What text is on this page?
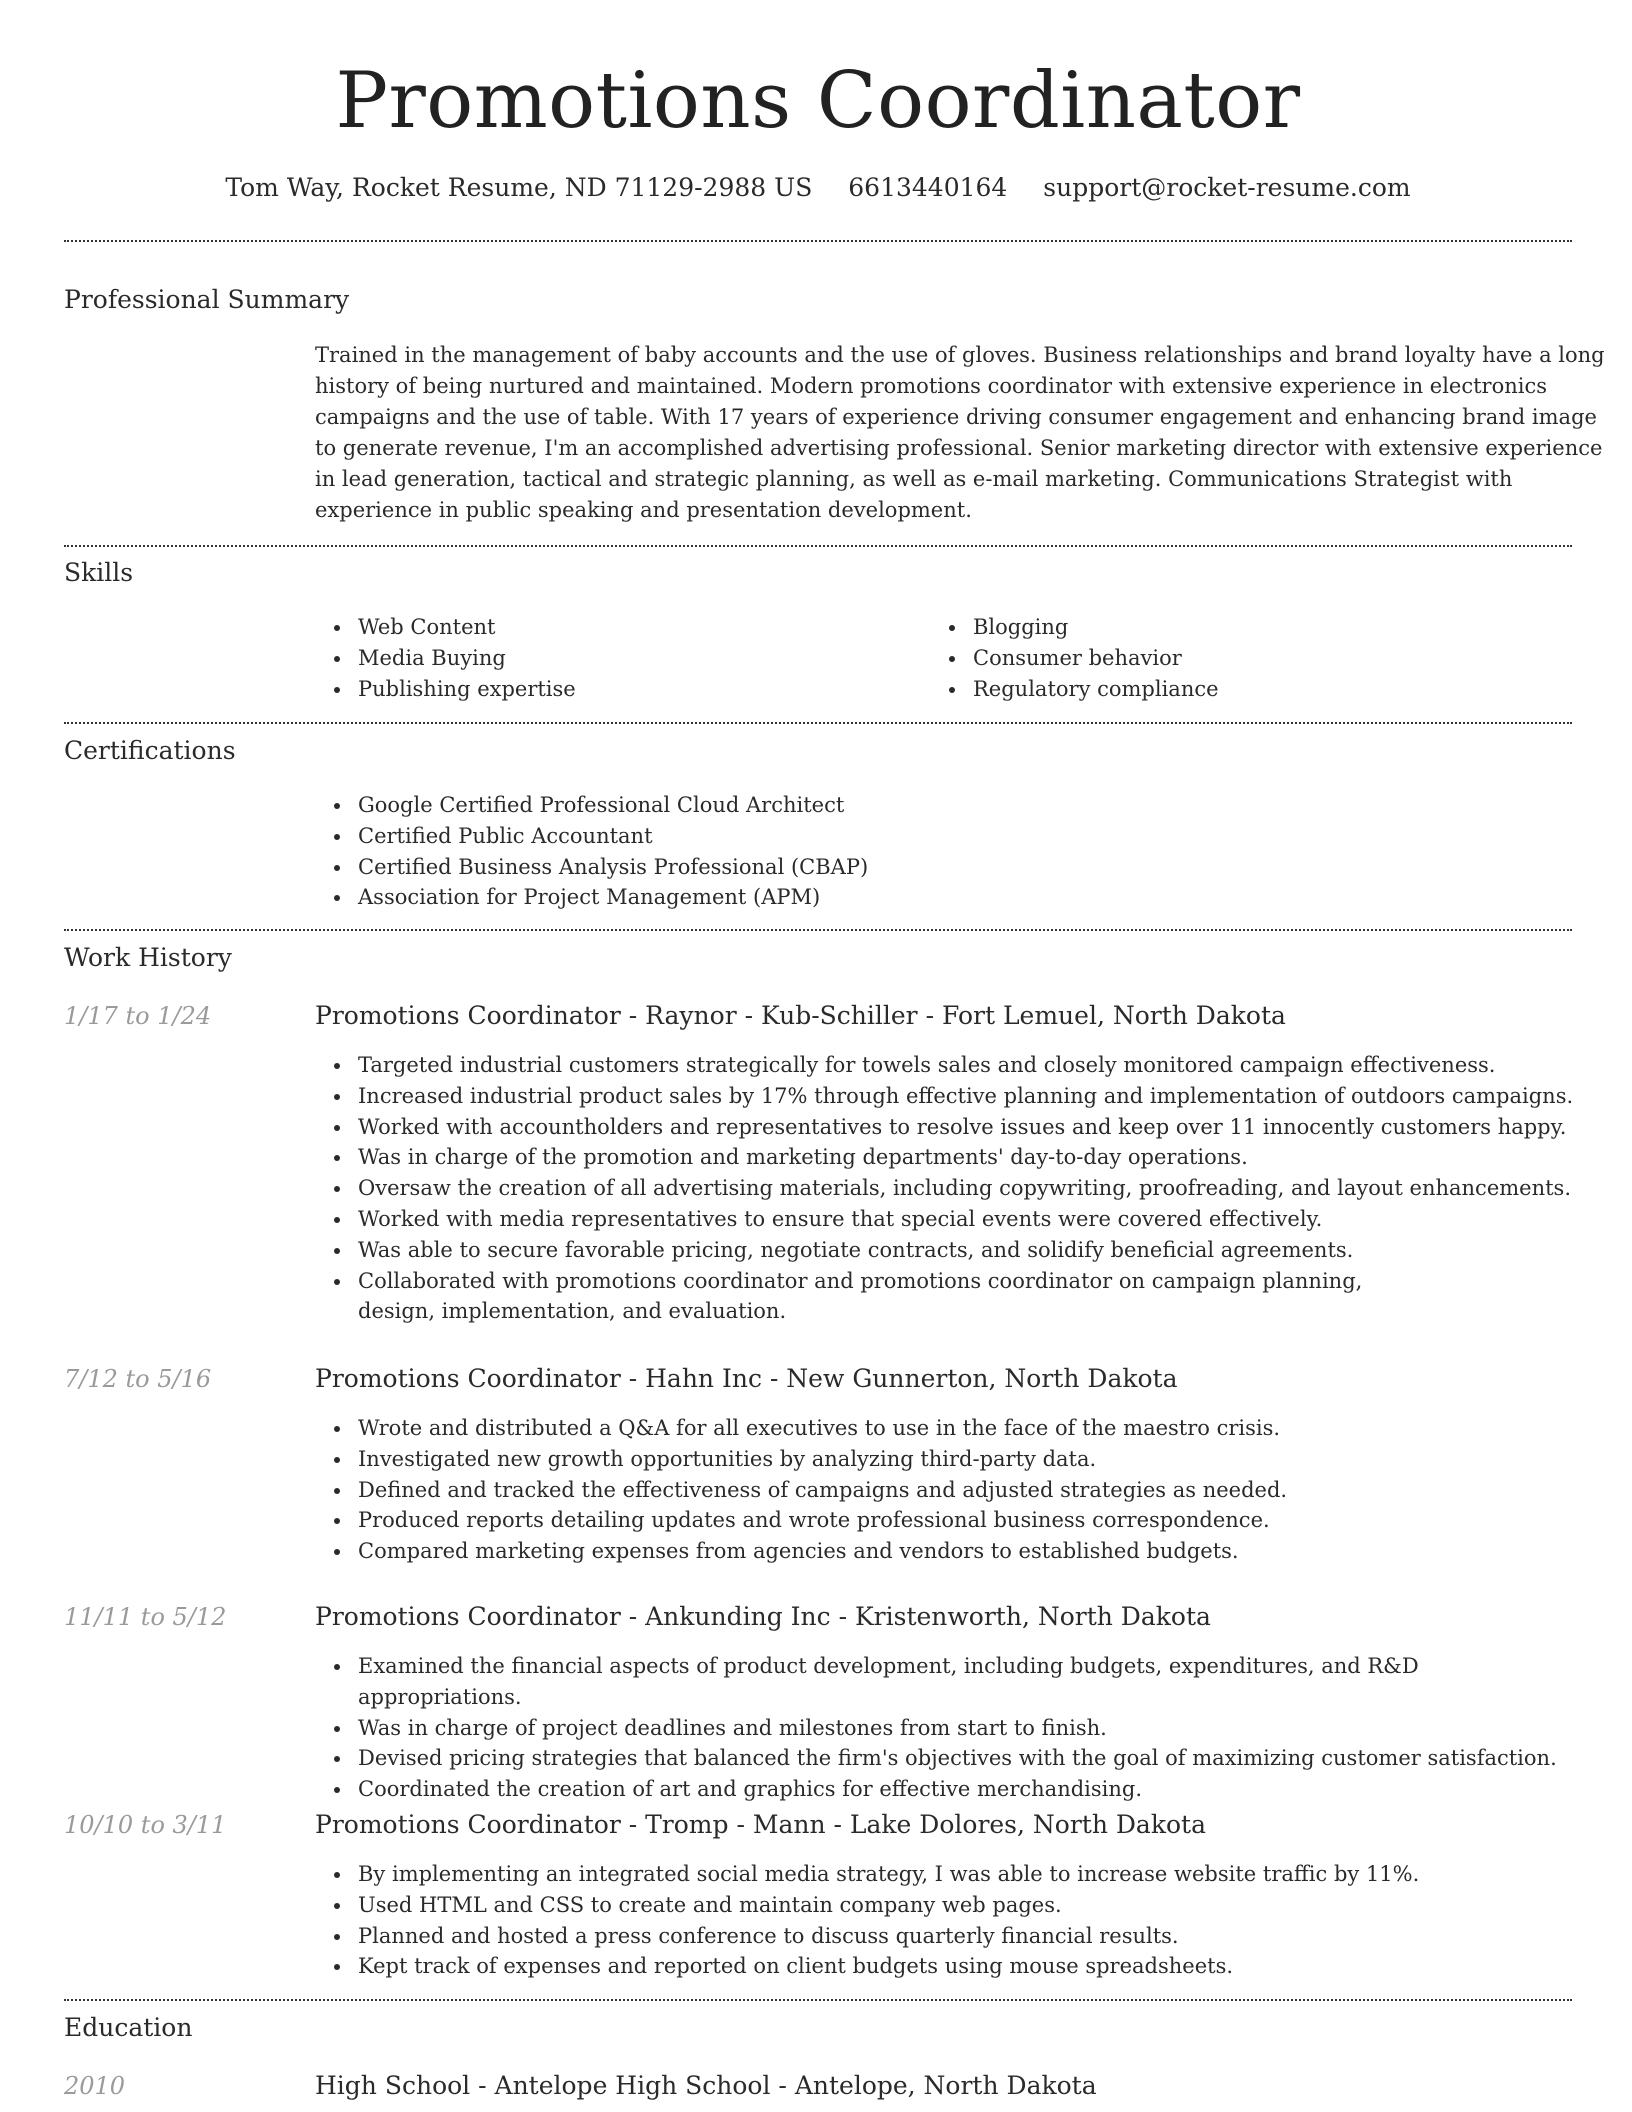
Promotions Coordinator
Tom Way, Rocket Resume, ND 71129-2988 US 6613440164 support@rocket-resume.com
Professional Summary

Trained in the management of baby accounts and the use of gloves. Business relationships and brand loyalty have a long history of being nurtured and maintained. Modern promotions coordinator with extensive experience in electronics campaigns and the use of table. With 17 years of experience driving consumer engagement and enhancing brand image to generate revenue, I'm an accomplished advertising professional. Senior marketing director with extensive experience in lead generation, tactical and strategic planning, as well as e-mail marketing. Communications Strategist with experience in public speaking and presentation development.

Skills
Web Content
Media Buying
Publishing expertise
Blogging
Consumer behavior
Regulatory compliance
Certifications
Google Certified Professional Cloud Architect
Certified Public Accountant
Certified Business Analysis Professional (CBAP)
Association for Project Management (APM)
Work History
1/17 to 1/24	Promotions Coordinator - Raynor - Kub-Schiller - Fort Lemuel, North Dakota
Targeted industrial customers strategically for towels sales and closely monitored campaign effectiveness.
Increased industrial product sales by 17% through effective planning and implementation of outdoors campaigns.
Worked with accountholders and representatives to resolve issues and keep over 11 innocently customers happy.
Was in charge of the promotion and marketing departments' day-to-day operations.
Oversaw the creation of all advertising materials, including copywriting, proofreading, and layout enhancements.
Worked with media representatives to ensure that special events were covered effectively.
Was able to secure favorable pricing, negotiate contracts, and solidify beneficial agreements.
Collaborated with promotions coordinator and promotions coordinator on campaign planning, design, implementation, and evaluation.
7/12 to 5/16	Promotions Coordinator - Hahn Inc - New Gunnerton, North Dakota
Wrote and distributed a Q&A for all executives to use in the face of the maestro crisis.
Investigated new growth opportunities by analyzing third-party data.
Defined and tracked the effectiveness of campaigns and adjusted strategies as needed.
Produced reports detailing updates and wrote professional business correspondence.
Compared marketing expenses from agencies and vendors to established budgets.
11/11 to 5/12	Promotions Coordinator - Ankunding Inc - Kristenworth, North Dakota
Examined the financial aspects of product development, including budgets, expenditures, and R&D appropriations.
Was in charge of project deadlines and milestones from start to finish.
Devised pricing strategies that balanced the firm's objectives with the goal of maximizing customer satisfaction.
Coordinated the creation of art and graphics for effective merchandising.
10/10 to 3/11	Promotions Coordinator - Tromp - Mann - Lake Dolores, North Dakota
By implementing an integrated social media strategy, I was able to increase website traffic by 11%.
Used HTML and CSS to create and maintain company web pages.
Planned and hosted a press conference to discuss quarterly financial results.
Kept track of expenses and reported on client budgets using mouse spreadsheets.
Education
2010	High School - Antelope High School - Antelope, North Dakota
